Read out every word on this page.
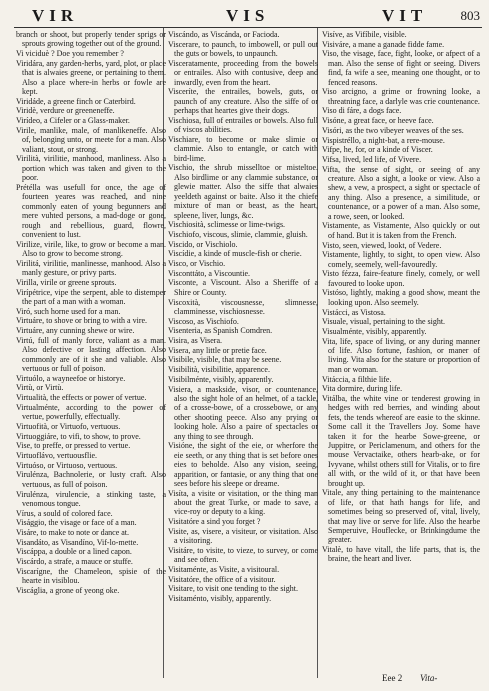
VIR	VIS	VIT	803
branch or shoot, but properly tender sprigs or sprouts growing together out of the ground.
Vi viciduè ? Doe you remember ?
Viridára, any garden-herbs, yard, plot, or place that is alwaies greene, or pertaining to them. Also a place where-in herbs or fowle are kept.
Viridáde, a greene finch or Caterbird.
Viridè, verdure or greeneneffe.
Virídeo, a Cifeler or a Glass-maker.
Virile, manlike, male, of manlikeneffe. Also of, belonging unto, or meete for a man. Also valiant, stout, or strong.
Virilità, virilitie, manhood, manliness. Also a portion which was taken and given to the poor.
Prétélla was usefull for once, the age of fourteen yeares was reached, and nine commonly eaten of young begunners and mere vuhted persons, a mad-doge or gone, rough and rebellious, guard, flowre, convenient to lust.
Virilize, virile, like, to grow or become a man. Also to grow to become strong.
Virilitá, virilitie, manlinesse, manhood. Also a manly gesture, or privy parts.
Virilla, virile or greene sprouts.
Virípétrice, vipe the serpent, able to distemper the part of a man with a woman.
Viró, such horne used for a man.
Virtuáre, to shove or bring to with a vire.
Virtuáre, any cunning shewe or wire.
Virtú, full of manly force, valiant as a man. Also defective or lasting affection. Also commonly are of it she and valiable. Also vertuous or full of poison.
Virtuólo, a wayneefoe or historye.
Virtù, or Virtù.
Virtualità, the effects or power of vertue.
Virtualménte, according to the power of vertue, powerfully, effectually.
Virtuofità, or Virtuofo, vertuous.
Virtuoggiáre, to vifi, to show, to prove.
Vise, to preffe, or pressed to vertue.
Virtuoflávo, vertuousflie.
Virtuóso, or Virtuoso, vertuous.
Virulénza, Bachnolerie, or lusty craft. Also vertuous, as full of poison.
Virulénza, virulencie, a stinking taste, a venomous tongue.
Vírus, a sould of colored face.
Visággio, the visage or face of a man.
Visáre, to make to note or dance at.
Visandáto, as Visandíno, Vif-lo-mette.
Viscáppa, a double or a lined capon.
Viscárdo, a strafe, a mauce or stuffe.
Viscarígne, the Chameleon, spisie of the hearte in visiblou.
Viscáglia, a grone of yeong oke.
Viscándo, as Viscánda, or Facioda.
Viscerare, to paunch, to imbowell, or pull out the guts or bowels, to unpaunch.
Visceratamente, proceeding from the bowels or entrailes. Also with contusive, deep and inwardly, even from the heart.
Visceríte, the entrailes, bowels, guts, or paunch of any creature. Also the siffe of or perhaps that heartes give their dogs.
Vischiosa, full of entrailes or bowels. Also full of viscos abilities.
Vischiare, to become or make slimie or clammie. Also to entangle, or catch with bird-lime.
Vischio, the shrub misselltoe or misteltoe. Also birdlime or any clammie substance, or glewie matter. Also the siffe that alwaies yeeldeth against or baite. Also it the chiefe mixture of man or beast, as the heart, spleene, liver, lungs, &c.
Vischiosità, sclimesse or lime-twigs.
Vischiofo, viscous, slimie, clammie, gluish.
Viscido, or Vischiolo.
Viscídie, a kinde of muscle-fish or cherie.
Visco, or Vischio.
Visconttáto, a Viscountie.
Visconte, a Viscount. Also a Sheriffe of a Shire or County.
Viscoxità, viscousnesse, slimnesse, clamminesse, vischiosnesse.
Viscoso, as Vischiofo.
Visenteria, as Spanish Comdren.
Visira, as Visera.
Visera, any little or pretie face.
Visibile, visible, that may be seene.
Visibilità, visibilitie, apparence.
Visibilménte, visibly, apparently.
Visiera, a maskside, visor, or countenance, also the sight hole of an helmet, of a tackle, of a crosse-bowe, of a crossebowe, or any other shooting peece. Also any prying or looking hole. Also a paire of spectacles or any thing to see through.
Visióne, the sight of the eie, or wherfore the eie seeth, or any thing that is set before ones eies to beholde. Also any vision, seeing, apparition, or fantasie, or any thing that one sees before his sleepe or dreame.
Visíta, a visite or visitation, or the thing man about the great Turke, or made to save, a vice-roy or deputy to a king.
Visitatóre a sind you forget ?
Visite, as, visere, a visiteur, or visitation. Also a visitoring.
Visitáre, to visite, to vieze, to survey, or come and see often.
Visitaménte, as Visite, a visitoural.
Visitatóre, the office of a visitour.
Visitare, to visit one tending to the sight.
Visitaménto, visibly, apparently.
Visíve, as Vifíbile, visible.
Visiváre, a mane a ganade fidde fame.
Viso, the visage, face, fight, looke, or afpect of a man. Also the sense of fight or seeing. Divers find, fa wife a see, meaning one thought, or to fenced reasons.
Viso arcigno, a grime or frowning looke, a threatning face, a darlyle was crie countenance.
Viso di fáre, a dogs face.
Visóne, a great face, or heeve face.
Visóri, as the two vibeyer weaves of the ses.
Vispistréllo, a night-bat, a rere-mouse.
Vifpe, he, for, or a kinde of Viscer.
Vifsa, lived, led life, of Vivere.
Vifta, the sense of sight, or seeing of any creature. Also a sight, a looke or view. Also a shew, a vew, a prospect, a sight or spectacle of any thing. Also a presence, a similitude, or countenance, or a power of a man. Also some, a rowe, seen, or looked.
Vistamente, as Vistamente, Also quickly or out of hand. But it is taken from the French.
Visto, seen, viewed, lookt, of Vedere.
Vistamente, lightly, to sight, to open view. Also comely, seemely, well-favouredly.
Visto fézza, faire-feature finely, comely, or well favoured to looke upon.
Vistóso, lightly, making a good show, meant the looking upon. Also seemely.
Vistácci, as Vistosa.
Visuale, visual, pertaining to the sight.
Visualménte, visibly, apparently.
Vita, life, space of living, or any during manner of life. Also fortune, fashion, or maner of living. Vita also for the stature or proportion of man or woman.
Vitáccia, a filthie life.
Vita dormire, during life.
Vitálba, the white vine or tenderest growing in hedges with red berries, and winding about fets, the tends whereof are easie to the skinne. Some call it the Travellers Joy. Some have taken it for the hearbe Sowe-greene, or Juppitre, or Periclamenum, and others for the mouse Vervactaike, others hearb-ake, or for Ivyvane, whilst others still for Vitalis, or to fire all with, or the wild of it, or that have been brought up.
Vitale, any thing pertaining to the maintenance of life, or that hath hangs for life, and sometimes being so preserved of, vital, lively, that may live or serve for life. Also the hearbe Semperuive, Houflecke, or Brinkingdume the greater.
Vitalè, to have vitall, the life parts, that is, the braine, the heart and liver.
Eee 2 Vita-
